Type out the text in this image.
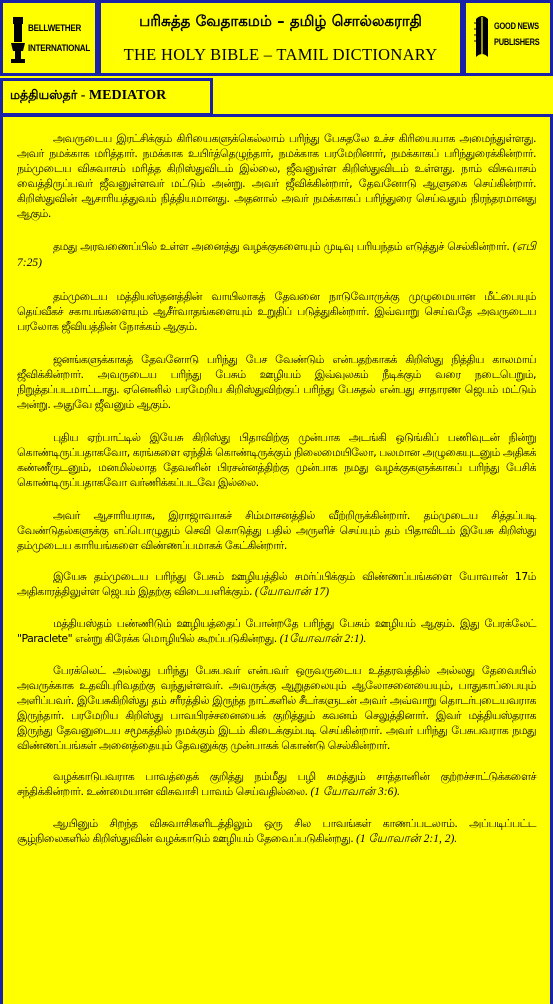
BELLWETHER
INTERNATIONAL
பரிசுத்த வேதாகமம் – தமிழ் சொல்லகராதி
THE HOLY BIBLE – TAMIL DICTIONARY
GOOD NEWS
PUBLISHERS
மத்தியஸ்தர் - MEDIATOR

அவருடைய இரட்சிக்கும் கிரியைகளுக்கெல்லாம் பரிந்து பேசுதலே உச்ச கிரியையாக அமைந்துள்ளது. அவர் நமக்காக மரித்தார். நமக்காக உயிர்த்தெழுந்தார், நமக்காக பரமேறினார், நமக்காகப் பரிந்துரைக்கின்றார். நம்முடைய விசுவாசம் மரித்த கிறிஸ்துவிடம் இல்லை, ஜீவனுள்ள கிறிஸ்துவிடம் உள்ளது. நாம் விசுவாசம் வைத்திருப்பவர் ஜீவனுள்ளவர் மட்டும் அன்று. அவர் ஜீவிக்கின்றார், தேவனோடு ஆளுகை செய்கின்றார். கிறிஸ்துவின் ஆசாரியத்துவம் நித்தியமானது. அதனால் அவர் நமக்காகப் பரிந்துரை செய்வதும் நிரந்தரமானது ஆகும்.

தமது அரவணைப்பில் உள்ள அனைத்து வழக்குகளையும் முடிவு பரியந்தம் எடுத்துச் செல்கின்றார். (எபி 7:25)

தம்முடைய மத்தியஸ்தனத்தின் வாயிலாகத் தேவனை நாடுவோருக்கு முழுமையான மீட்பையும் தெய்வீகச் சகாயங்களையும் ஆசீர்வாதங்களையும் உறுதிப் படுத்துகின்றார். இவ்வாறு செய்வதே அவருடைய பரலோக ஜீவியத்தின் நோக்கம் ஆகும்.

ஜனங்களுக்காகத் தேவனோடு பரிந்து பேச வேண்டும் என்பதற்காகக் கிறிஸ்து நித்திய காலமாய் ஜீவிக்கின்றார். அவருடைய பரிந்து பேசும் ஊழியம் இவ்வுலகம் நீடிக்கும் வரை நடைபெறும், நிறுத்தப்படமாட்டாது. ஏனெனில் பரமேறிய கிறிஸ்துவிற்குப் பரிந்து பேசுதல் என்பது சாதாரண ஜெபம் மட்டும் அன்று. அதுவே ஜீவனும் ஆகும்.

புதிய ஏற்பாட்டில் இயேசு கிறிஸ்து பிதாவிற்கு முன்பாக அடங்கி ஒடுங்கிப் பணிவுடன் நின்று கொண்டிருப்பதாகவோ, கரங்களை ஏந்திக் கொண்டிருக்கும் நிலைமையிலோ, பலமான அழுகையுடனும் அதிகக் கண்ணீருடனும், மனமில்லாத தேவனின் பிரசன்னத்திற்கு முன்பாக நமது வழக்குகளுக்காகப் பரிந்து பேசிக் கொண்டிருப்பதாகவோ வர்ணிக்கப்படவே இல்லை.

அவர் ஆசாரியராக, இராஜாவாகச் சிம்மாசனத்தில் வீற்றிருக்கின்றார். தம்முடைய சித்தப்படி வேண்டுதல்களுக்கு எப்பொழுதும் செவி கொடுத்து பதில் அருளிச் செய்யும் தம் பிதாவிடம் இயேசு கிறிஸ்து தம்முடைய காரியங்களை விண்ணப்பமாகக் கேட்கின்றார்.

இயேசு தம்முடைய பரிந்து பேசும் ஊழியத்தில் சமர்ப்பிக்கும் விண்ணப்பங்களை யோவான் 17ம் அதிகாரத்திலுள்ள ஜெபம் இதற்கு விடையளிக்கும். (யோவான் 17)

மத்தியஸ்தம் பண்ணிடும் ஊழியத்தைப் போன்றதே பரிந்து பேசும் ஊழியம் ஆகும். இது பேரக்லேட் "Paraclete" என்று கிரேக்க மொழியில் கூறப்படுகின்றது. (1யோவான் 2:1).

பேரக்லெட் அல்லது பரிந்து பேசுபவர் என்பவர் ஒருவருடைய உத்தரவத்தில் அல்லது தேவையில் அவருக்காக உதவிபுரிவதற்கு வந்துள்ளவர். அவருக்கு ஆறுதலையும் ஆலோசனையையும், பாதுகாப்பையும் அளிப்பவர். இயேசுகிறிஸ்து தம் சரீரத்தில் இருந்த நாட்களில் சீடர்களுடன் அவர் அவ்வாறு தொடர்புடையவராக இருந்தார். பரமேறிய கிறிஸ்து பாவபிரச்சனையைக் குறித்தும் கவனம் செலுத்தினார். இவர் மத்தியஸ்தராக இருந்து தேவனுடைய சமூகத்தில் நமக்கும் இடம் கிடைக்கும்படி செய்கின்றார். அவர் பரிந்து பேசுபவராக நமது விண்ணப்பங்கள் அனைத்தையும் தேவனுக்கு முன்பாகக் கொண்டு செல்கின்றார்.

வழக்காடுபவராக பாவத்தைக் குறித்து நம்மீது பழி சுமத்தும் சாத்தானின் குற்றச்சாட்டுக்களைச் சந்திக்கின்றார். உண்மையான விசுவாசி பாவம் செய்வதில்லை. (1 யோவான் 3:6).

ஆயினும் சிறந்த விசுவாசிகளிடத்திலும் ஒரு சில பாவங்கள் காணப்படலாம். அப்படிப்பட்ட சூழ்நிலைகளில் கிறிஸ்துவின் வழக்காடும் ஊழியம் தேவைப்படுகின்றது. (1 யோவான் 2:1, 2).
